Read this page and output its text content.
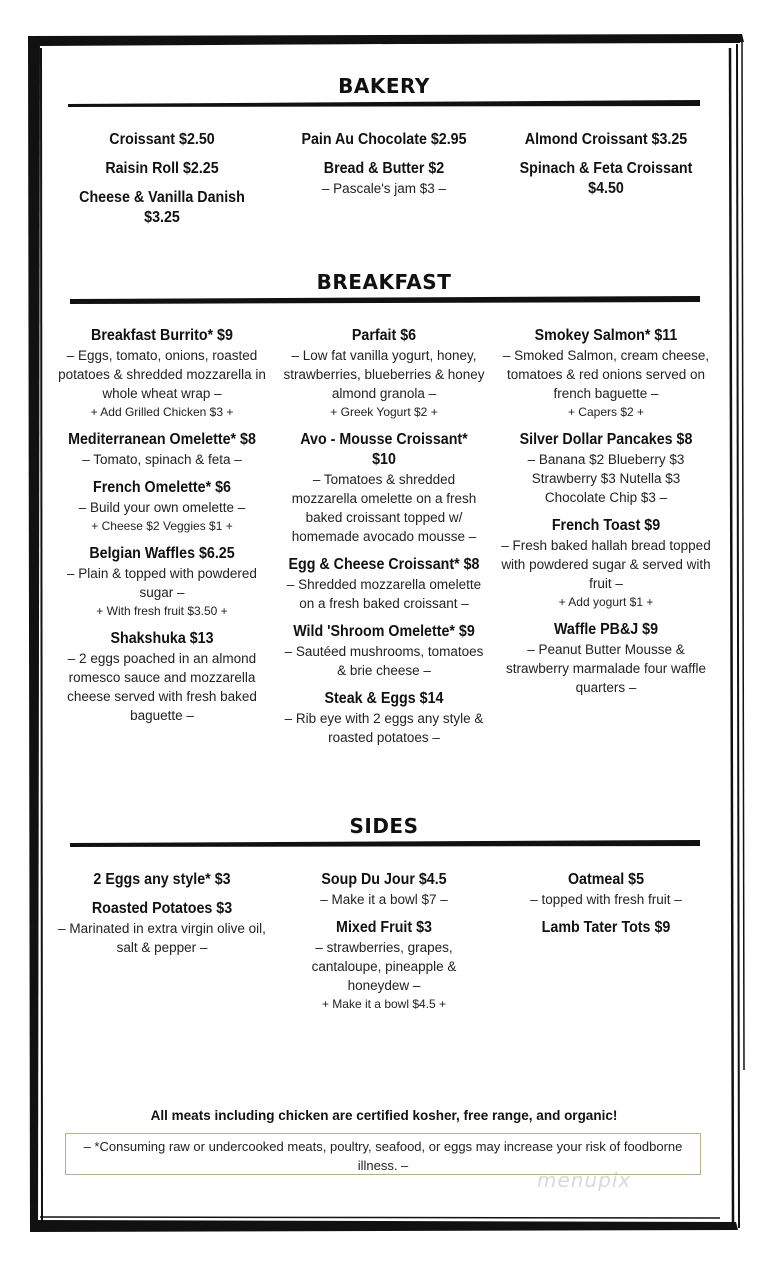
BAKERY
BREAKFAST
SIDES
Croissant $2.50
Raisin Roll $2.25
Cheese & Vanilla Danish $3.25
Pain Au Chocolate $2.95
Bread & Butter $2
– Pascale's jam $3 –
Almond Croissant $3.25
Spinach & Feta Croissant $4.50
Breakfast Burrito* $9
– Eggs, tomato, onions, roasted potatoes & shredded mozzarella in whole wheat wrap –
+ Add Grilled Chicken $3 +
Mediterranean Omelette* $8
– Tomato, spinach & feta –
French Omelette* $6
– Build your own omelette –
+ Cheese $2 Veggies $1 +
Belgian Waffles $6.25
– Plain & topped with powdered sugar –
+ With fresh fruit $3.50 +
Shakshuka $13
– 2 eggs poached in an almond romesco sauce and mozzarella cheese served with fresh baked baguette –
Parfait $6
– Low fat vanilla yogurt, honey, strawberries, blueberries & honey almond granola –
+ Greek Yogurt $2 +
Avo - Mousse Croissant* $10
– Tomatoes & shredded mozzarella omelette on a fresh baked croissant topped w/ homemade avocado mousse –
Egg & Cheese Croissant* $8
– Shredded mozzarella omelette on a fresh baked croissant –
Wild 'Shroom Omelette* $9
– Sautéed mushrooms, tomatoes & brie cheese –
Steak & Eggs $14
– Rib eye with 2 eggs any style & roasted potatoes –
Smokey Salmon* $11
– Smoked Salmon, cream cheese, tomatoes & red onions served on french baguette –
+ Capers $2 +
Silver Dollar Pancakes $8
– Banana $2 Blueberry $3 Strawberry $3 Nutella $3 Chocolate Chip $3 –
French Toast $9
– Fresh baked hallah bread topped with powdered sugar & served with fruit –
+ Add yogurt $1 +
Waffle PB&J $9
– Peanut Butter Mousse & strawberry marmalade four waffle quarters –
2 Eggs any style* $3
Roasted Potatoes $3
– Marinated in extra virgin olive oil, salt & pepper –
Soup Du Jour $4.5
– Make it a bowl $7 –
Mixed Fruit $3
– strawberries, grapes, cantaloupe, pineapple & honeydew –
+ Make it a bowl $4.5 +
Oatmeal $5
– topped with fresh fruit –
Lamb Tater Tots $9
All meats including chicken are certified kosher, free range, and organic!
– *Consuming raw or undercooked meats, poultry, seafood, or eggs may increase your risk of foodborne illness. –
menupix
